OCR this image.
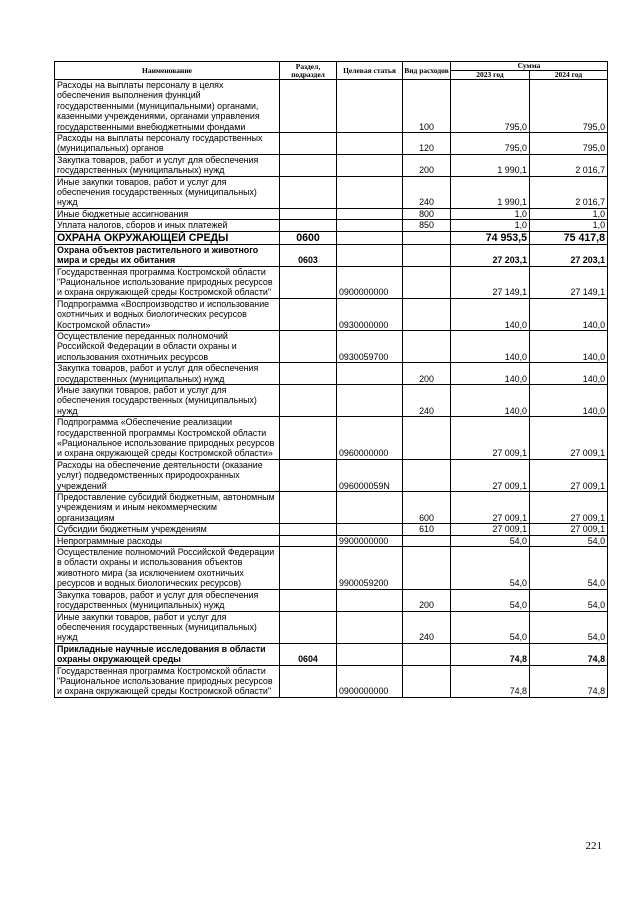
Наименование	Раздел, подраздел	Целевая статья	Вид расходов	Сумма	
				2023 год	2024 год
Расходы на выплаты персоналу в целях обеспечения выполнения функций государственными (муниципальными) органами, казенными учреждениями, органами управления государственными внебюджетными фондами			100	795,0	795,0
Расходы на выплаты персоналу государственных (муниципальных) органов			120	795,0	795,0
Закупка товаров, работ и услуг для обеспечения государственных (муниципальных) нужд			200	1 990,1	2 016,7
Иные закупки товаров, работ и услуг для обеспечения государственных (муниципальных) нужд			240	1 990,1	2 016,7
Иные бюджетные ассигнования			800	1,0	1,0
Уплата налогов, сборов и иных платежей			850	1,0	1,0
ОХРАНА ОКРУЖАЮЩЕЙ СРЕДЫ	0600			74 953,5	75 417,8
Охрана объектов растительного и животного мира и среды их обитания	0603			27 203,1	27 203,1
Государственная программа Костромской области "Рациональное использование природных ресурсов и охрана окружающей среды Костромской области"		0900000000		27 149,1	27 149,1
Подпрограмма «Воспроизводство и использование охотничьих и водных биологических ресурсов Костромской области»		0930000000		140,0	140,0
Осуществление переданных полномочий Российской Федерации в области охраны и использования охотничьих ресурсов		0930059700		140,0	140,0
Закупка товаров, работ и услуг для обеспечения государственных (муниципальных) нужд			200	140,0	140,0
Иные закупки товаров, работ и услуг для обеспечения государственных (муниципальных) нужд			240	140,0	140,0
Подпрограмма «Обеспечение реализации государственной программы Костромской области «Рациональное использование природных ресурсов и охрана окружающей среды Костромской области»		0960000000		27 009,1	27 009,1
Расходы на обеспечение деятельности (оказание услуг) подведомственных природоохранных учреждений		096000059N		27 009,1	27 009,1
Предоставление субсидий бюджетным, автономным учреждениям и иным некоммерческим организациям			600	27 009,1	27 009,1
Субсидии бюджетным учреждениям			610	27 009,1	27 009,1
Непрограммные расходы		9900000000		54,0	54,0
Осуществление полномочий Российской Федерации в области охраны и использования объектов животного мира (за исключением охотничьих ресурсов и водных биологических ресурсов)		9900059200		54,0	54,0
Закупка товаров, работ и услуг для обеспечения государственных (муниципальных) нужд			200	54,0	54,0
Иные закупки товаров, работ и услуг для обеспечения государственных (муниципальных) нужд			240	54,0	54,0
Прикладные научные исследования в области охраны окружающей среды	0604			74,8	74,8
Государственная программа Костромской области "Рациональное использование природных ресурсов и охрана окружающей среды Костромской области"		0900000000		74,8	74,8
221
